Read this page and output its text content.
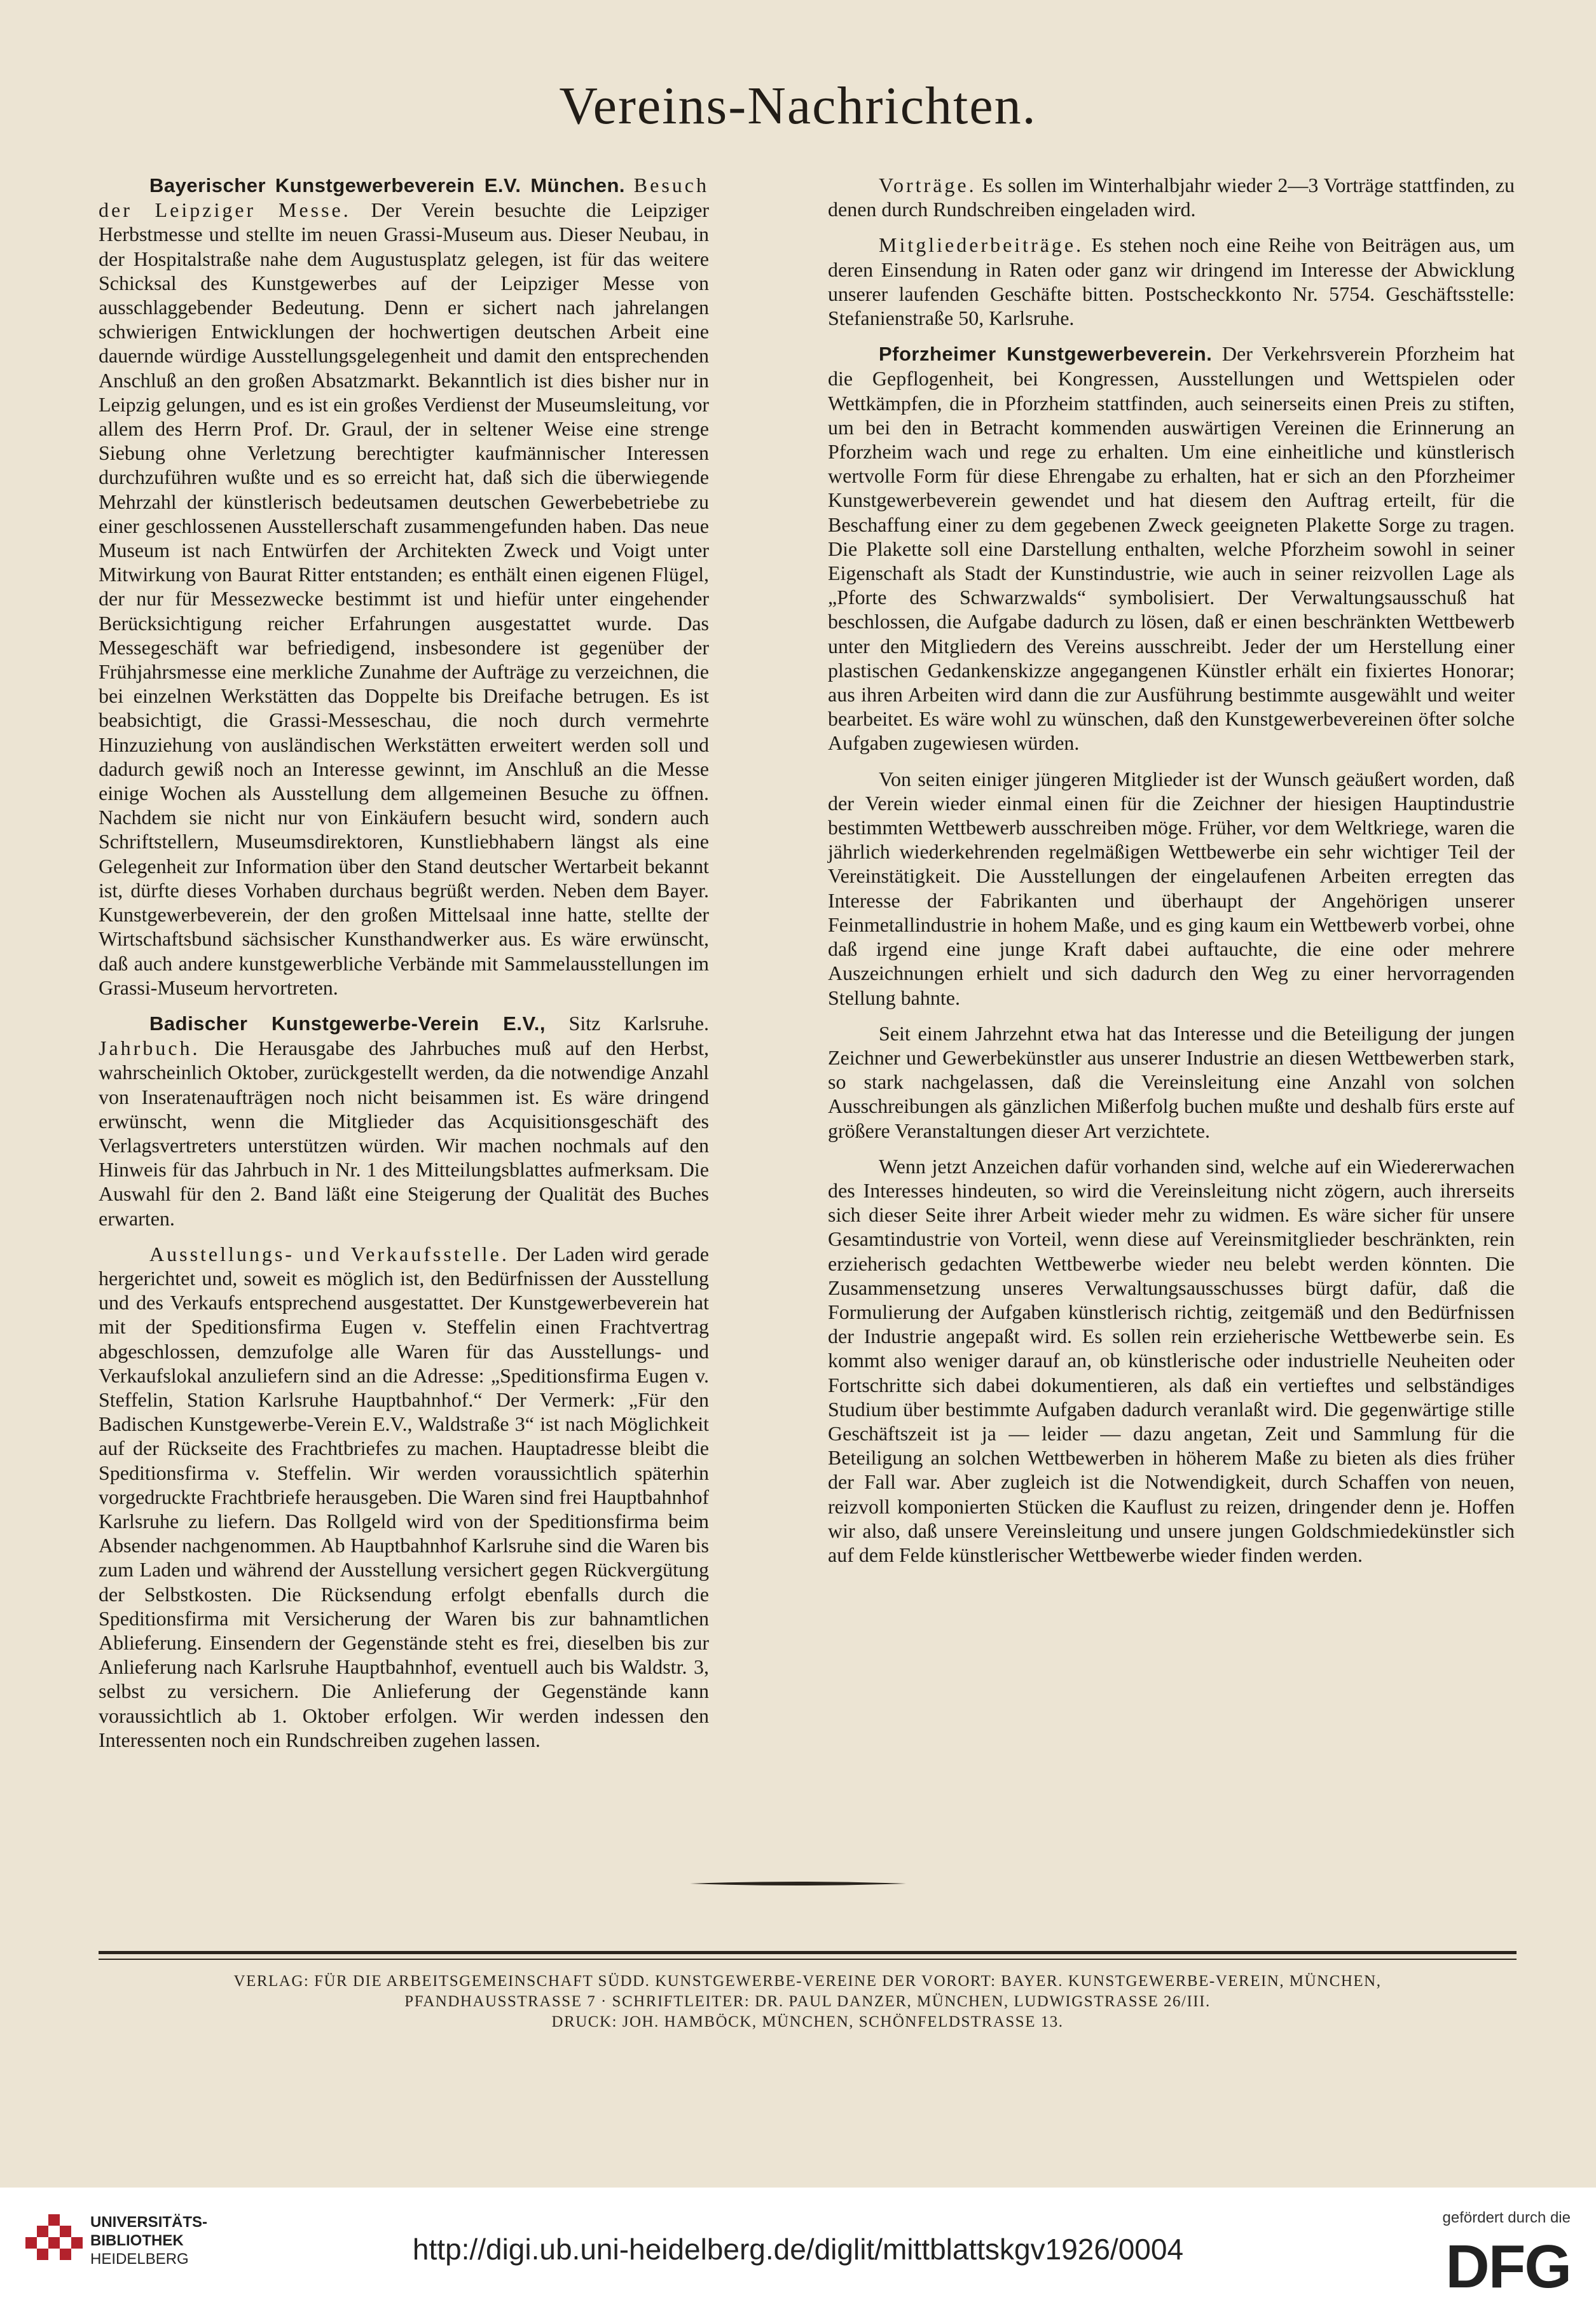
Vereins-Nachrichten.

Bayerischer Kunstgewerbeverein E.V. München. Besuch der Leipziger Messe. Der Verein besuchte die Leipziger Herbstmesse und stellte im neuen Grassi-Museum aus. Dieser Neubau, in der Hospitalstraße nahe dem Augustusplatz gelegen, ist für das weitere Schicksal des Kunstgewerbes auf der Leipziger Messe von ausschlaggebender Bedeutung. Denn er sichert nach jahrelangen schwierigen Entwicklungen der hochwertigen deutschen Arbeit eine dauernde würdige Ausstellungsgelegenheit und damit den entsprechenden Anschluß an den großen Absatzmarkt. Bekanntlich ist dies bisher nur in Leipzig gelungen, und es ist ein großes Verdienst der Museumsleitung, vor allem des Herrn Prof. Dr. Graul, der in seltener Weise eine strenge Siebung ohne Verletzung berechtigter kaufmännischer Interessen durchzuführen wußte und es so erreicht hat, daß sich die überwiegende Mehrzahl der künstlerisch bedeutsamen deutschen Gewerbebetriebe zu einer geschlossenen Ausstellerschaft zusammengefunden haben. Das neue Museum ist nach Entwürfen der Architekten Zweck und Voigt unter Mitwirkung von Baurat Ritter entstanden; es enthält einen eigenen Flügel, der nur für Messezwecke bestimmt ist und hiefür unter eingehender Berücksichtigung reicher Erfahrungen ausgestattet wurde. Das Messegeschäft war befriedigend, insbesondere ist gegenüber der Frühjahrsmesse eine merkliche Zunahme der Aufträge zu verzeichnen, die bei einzelnen Werkstätten das Doppelte bis Dreifache betrugen. Es ist beabsichtigt, die Grassi-Messeschau, die noch durch vermehrte Hinzuziehung von ausländischen Werkstätten erweitert werden soll und dadurch gewiß noch an Interesse gewinnt, im Anschluß an die Messe einige Wochen als Ausstellung dem allgemeinen Besuche zu öffnen. Nachdem sie nicht nur von Einkäufern besucht wird, sondern auch Schriftstellern, Museumsdirektoren, Kunstliebhabern längst als eine Gelegenheit zur Information über den Stand deutscher Wertarbeit bekannt ist, dürfte dieses Vorhaben durchaus begrüßt werden. Neben dem Bayer. Kunstgewerbeverein, der den großen Mittelsaal inne hatte, stellte der Wirtschaftsbund sächsischer Kunsthandwerker aus. Es wäre erwünscht, daß auch andere kunstgewerbliche Verbände mit Sammelausstellungen im Grassi-Museum hervortreten.

Badischer Kunstgewerbe-Verein E.V., Sitz Karlsruhe. Jahrbuch. Die Herausgabe des Jahrbuches muß auf den Herbst, wahrscheinlich Oktober, zurückgestellt werden, da die notwendige Anzahl von Inseratenaufträgen noch nicht beisammen ist. Es wäre dringend erwünscht, wenn die Mitglieder das Acquisitionsgeschäft des Verlagsvertreters unterstützen würden. Wir machen nochmals auf den Hinweis für das Jahrbuch in Nr. 1 des Mitteilungsblattes aufmerksam. Die Auswahl für den 2. Band läßt eine Steigerung der Qualität des Buches erwarten.

Ausstellungs- und Verkaufsstelle. Der Laden wird gerade hergerichtet und, soweit es möglich ist, den Bedürfnissen der Ausstellung und des Verkaufs entsprechend ausgestattet. Der Kunstgewerbeverein hat mit der Speditionsfirma Eugen v. Steffelin einen Frachtvertrag abgeschlossen, demzufolge alle Waren für das Ausstellungs- und Verkaufslokal anzuliefern sind an die Adresse: „Speditionsfirma Eugen v. Steffelin, Station Karlsruhe Hauptbahnhof.“ Der Vermerk: „Für den Badischen Kunstgewerbe-Verein E.V., Waldstraße 3“ ist nach Möglichkeit auf der Rückseite des Frachtbriefes zu machen. Hauptadresse bleibt die Speditionsfirma v. Steffelin. Wir werden voraussichtlich späterhin vorgedruckte Frachtbriefe herausgeben. Die Waren sind frei Hauptbahnhof Karlsruhe zu liefern. Das Rollgeld wird von der Speditionsfirma beim Absender nachgenommen. Ab Hauptbahnhof Karlsruhe sind die Waren bis zum Laden und während der Ausstellung versichert gegen Rückvergütung der Selbstkosten. Die Rücksendung erfolgt ebenfalls durch die Speditionsfirma mit Versicherung der Waren bis zur bahnamtlichen Ablieferung. Einsendern der Gegenstände steht es frei, dieselben bis zur Anlieferung nach Karlsruhe Hauptbahnhof, eventuell auch bis Waldstr. 3, selbst zu versichern. Die Anlieferung der Gegenstände kann voraussichtlich ab 1. Oktober erfolgen. Wir werden indessen den Interessenten noch ein Rundschreiben zugehen lassen.

Vorträge. Es sollen im Winterhalbjahr wieder 2—3 Vorträge stattfinden, zu denen durch Rundschreiben eingeladen wird.

Mitgliederbeiträge. Es stehen noch eine Reihe von Beiträgen aus, um deren Einsendung in Raten oder ganz wir dringend im Interesse der Abwicklung unserer laufenden Geschäfte bitten. Postscheckkonto Nr. 5754. Geschäftsstelle: Stefanienstraße 50, Karlsruhe.

Pforzheimer Kunstgewerbeverein. Der Verkehrsverein Pforzheim hat die Gepflogenheit, bei Kongressen, Ausstellungen und Wettspielen oder Wettkämpfen, die in Pforzheim stattfinden, auch seinerseits einen Preis zu stiften, um bei den in Betracht kommenden auswärtigen Vereinen die Erinnerung an Pforzheim wach und rege zu erhalten. Um eine einheitliche und künstlerisch wertvolle Form für diese Ehrengabe zu erhalten, hat er sich an den Pforzheimer Kunstgewerbeverein gewendet und hat diesem den Auftrag erteilt, für die Beschaffung einer zu dem gegebenen Zweck geeigneten Plakette Sorge zu tragen. Die Plakette soll eine Darstellung enthalten, welche Pforzheim sowohl in seiner Eigenschaft als Stadt der Kunstindustrie, wie auch in seiner reizvollen Lage als „Pforte des Schwarzwalds“ symbolisiert. Der Verwaltungsausschuß hat beschlossen, die Aufgabe dadurch zu lösen, daß er einen beschränkten Wettbewerb unter den Mitgliedern des Vereins ausschreibt. Jeder der um Herstellung einer plastischen Gedankenskizze angegangenen Künstler erhält ein fixiertes Honorar; aus ihren Arbeiten wird dann die zur Ausführung bestimmte ausgewählt und weiter bearbeitet. Es wäre wohl zu wünschen, daß den Kunstgewerbevereinen öfter solche Aufgaben zugewiesen würden.

Von seiten einiger jüngeren Mitglieder ist der Wunsch geäußert worden, daß der Verein wieder einmal einen für die Zeichner der hiesigen Hauptindustrie bestimmten Wettbewerb ausschreiben möge. Früher, vor dem Weltkriege, waren die jährlich wiederkehrenden regelmäßigen Wettbewerbe ein sehr wichtiger Teil der Vereinstätigkeit. Die Ausstellungen der eingelaufenen Arbeiten erregten das Interesse der Fabrikanten und überhaupt der Angehörigen unserer Feinmetallindustrie in hohem Maße, und es ging kaum ein Wettbewerb vorbei, ohne daß irgend eine junge Kraft dabei auftauchte, die eine oder mehrere Auszeichnungen erhielt und sich dadurch den Weg zu einer hervorragenden Stellung bahnte.

Seit einem Jahrzehnt etwa hat das Interesse und die Beteiligung der jungen Zeichner und Gewerbekünstler aus unserer Industrie an diesen Wettbewerben stark, so stark nachgelassen, daß die Vereinsleitung eine Anzahl von solchen Ausschreibungen als gänzlichen Mißerfolg buchen mußte und deshalb fürs erste auf größere Veranstaltungen dieser Art verzichtete.

Wenn jetzt Anzeichen dafür vorhanden sind, welche auf ein Wiedererwachen des Interesses hindeuten, so wird die Vereinsleitung nicht zögern, auch ihrerseits sich dieser Seite ihrer Arbeit wieder mehr zu widmen. Es wäre sicher für unsere Gesamtindustrie von Vorteil, wenn diese auf Vereinsmitglieder beschränkten, rein erzieherisch gedachten Wettbewerbe wieder neu belebt werden könnten. Die Zusammensetzung unseres Verwaltungsausschusses bürgt dafür, daß die Formulierung der Aufgaben künstlerisch richtig, zeitgemäß und den Bedürfnissen der Industrie angepaßt wird. Es sollen rein erzieherische Wettbewerbe sein. Es kommt also weniger darauf an, ob künstlerische oder industrielle Neuheiten oder Fortschritte sich dabei dokumentieren, als daß ein vertieftes und selbständiges Studium über bestimmte Aufgaben dadurch veranlaßt wird. Die gegenwärtige stille Geschäftszeit ist ja — leider — dazu angetan, Zeit und Sammlung für die Beteiligung an solchen Wettbewerben in höherem Maße zu bieten als dies früher der Fall war. Aber zugleich ist die Notwendigkeit, durch Schaffen von neuen, reizvoll komponierten Stücken die Kauflust zu reizen, dringender denn je. Hoffen wir also, daß unsere Vereinsleitung und unsere jungen Goldschmiedekünstler sich auf dem Felde künstlerischer Wettbewerbe wieder finden werden.

VERLAG: FÜR DIE ARBEITSGEMEINSCHAFT SÜDD. KUNSTGEWERBE-VEREINE DER VORORT: BAYER. KUNSTGEWERBE-VEREIN, MÜNCHEN,
PFANDHAUSSTRASSE 7 · SCHRIFTLEITER: DR. PAUL DANZER, MÜNCHEN, LUDWIGSTRASSE 26/III.
DRUCK: JOH. HAMBÖCK, MÜNCHEN, SCHÖNFELDSTRASSE 13.
UNIVERSITÄTS-
BIBLIOTHEK
HEIDELBERG	http://digi.ub.uni-heidelberg.de/diglit/mittblattskgv1926/0004
gefördert durch die
DFG
